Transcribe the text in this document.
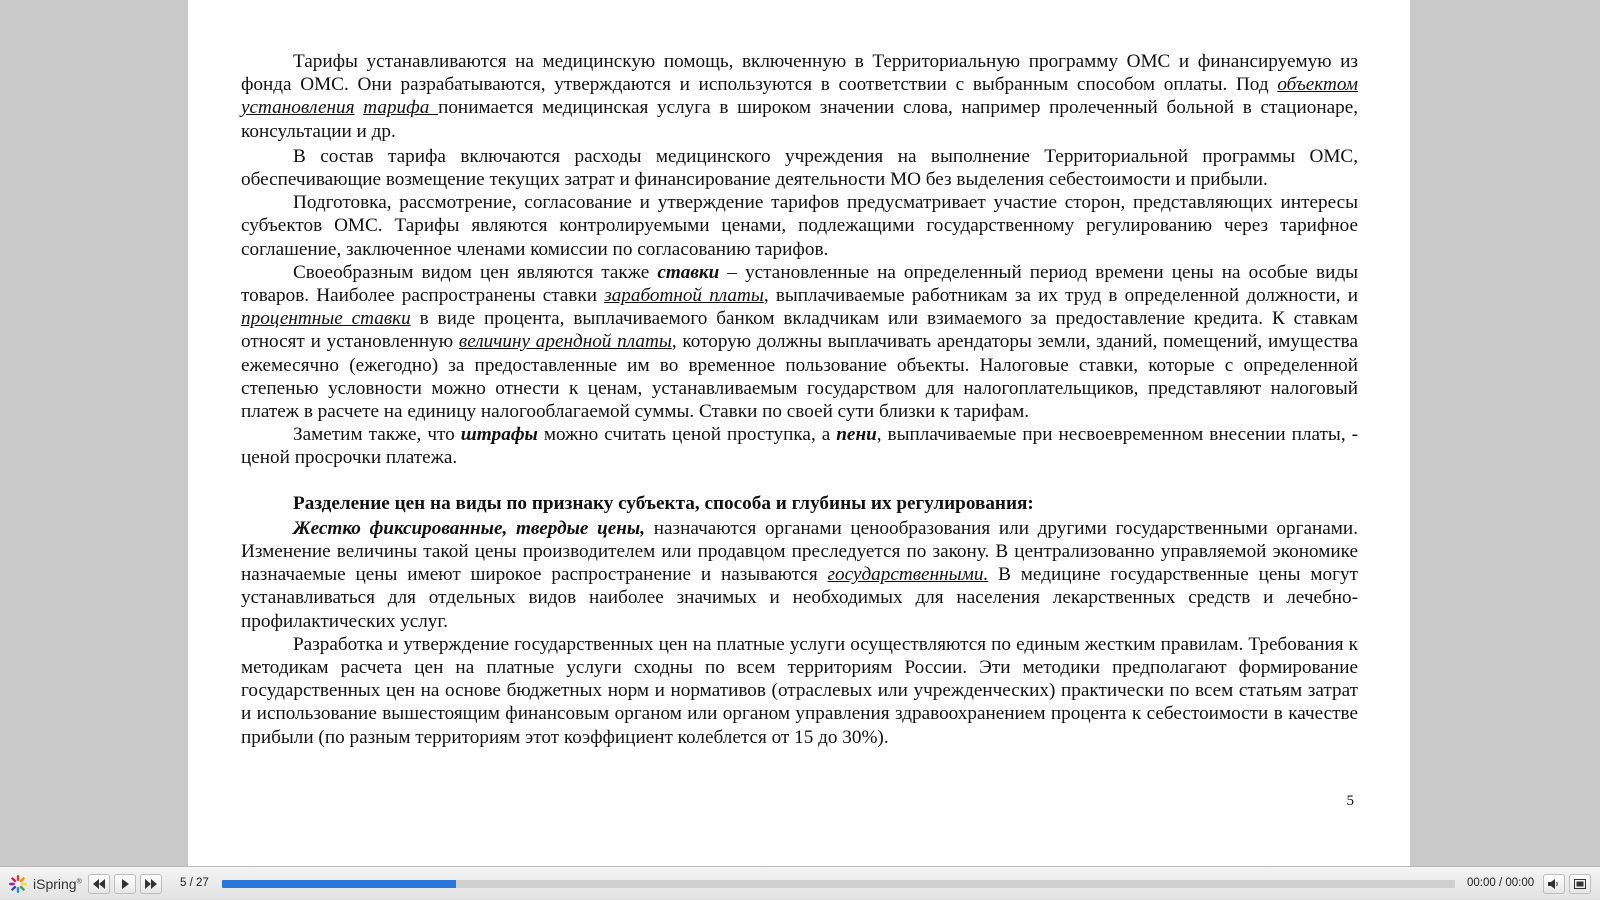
Тарифы устанавливаются на медицинскую помощь, включенную в Территориальную программу ОМС и финансируемую из фонда ОМС. Они разрабатываются, утверждаются и используются в соответствии с выбранным способом оплаты. Под объектом установления тарифа понимается медицинская услуга в широком значении слова, например пролеченный больной в стационаре, консультации и др.

В состав тарифа включаются расходы медицинского учреждения на выполнение Территориальной программы ОМС, обеспечивающие возмещение текущих затрат и финансирование деятельности МО без выделения себестоимости и прибыли.

Подготовка, рассмотрение, согласование и утверждение тарифов предусматривает участие сторон, представляющих интересы субъектов ОМС. Тарифы являются контролируемыми ценами, подлежащими государственному регулированию через тарифное соглашение, заключенное членами комиссии по согласованию тарифов.

Своеобразным видом цен являются также ставки – установленные на определенный период времени цены на особые виды товаров. Наиболее распространены ставки заработной платы, выплачиваемые работникам за их труд в определенной должности, и процентные ставки в виде процента, выплачиваемого банком вкладчикам или взимаемого за предоставление кредита. К ставкам относят и установленную величину арендной платы, которую должны выплачивать арендаторы земли, зданий, помещений, имущества ежемесячно (ежегодно) за предоставленные им во временное пользование объекты. Налоговые ставки, которые с определенной степенью условности можно отнести к ценам, устанавливаемым государством для налогоплательщиков, представляют налоговый платеж в расчете на единицу налогооблагаемой суммы. Ставки по своей сути близки к тарифам.

Заметим также, что штрафы можно считать ценой проступка, а пени, выплачиваемые при несвоевременном внесении платы, - ценой просрочки платежа.

Разделение цен на виды по признаку субъекта, способа и глубины их регулирования:

Жестко фиксированные, твердые цены, назначаются органами ценообразования или другими государственными органами. Изменение величины такой цены производителем или продавцом преследуется по закону. В централизованно управляемой экономике назначаемые цены имеют широкое распространение и называются государственными. В медицине государственные цены могут устанавливаться для отдельных видов наиболее значимых и необходимых для населения лекарственных средств и лечебно-профилактических услуг.

Разработка и утверждение государственных цен на платные услуги осуществляются по единым жестким правилам. Требования к методикам расчета цен на платные услуги сходны по всем территориям России. Эти методики предполагают формирование государственных цен на основе бюджетных норм и нормативов (отраслевых или учрежденческих) практически по всем статьям затрат и использование вышестоящим финансовым органом или органом управления здравоохранением процента к себестоимости в качестве прибыли (по разным территориям этот коэффициент колеблется от 15 до 30%).

5
iSpring®	5 / 27	00:00 / 00:00
